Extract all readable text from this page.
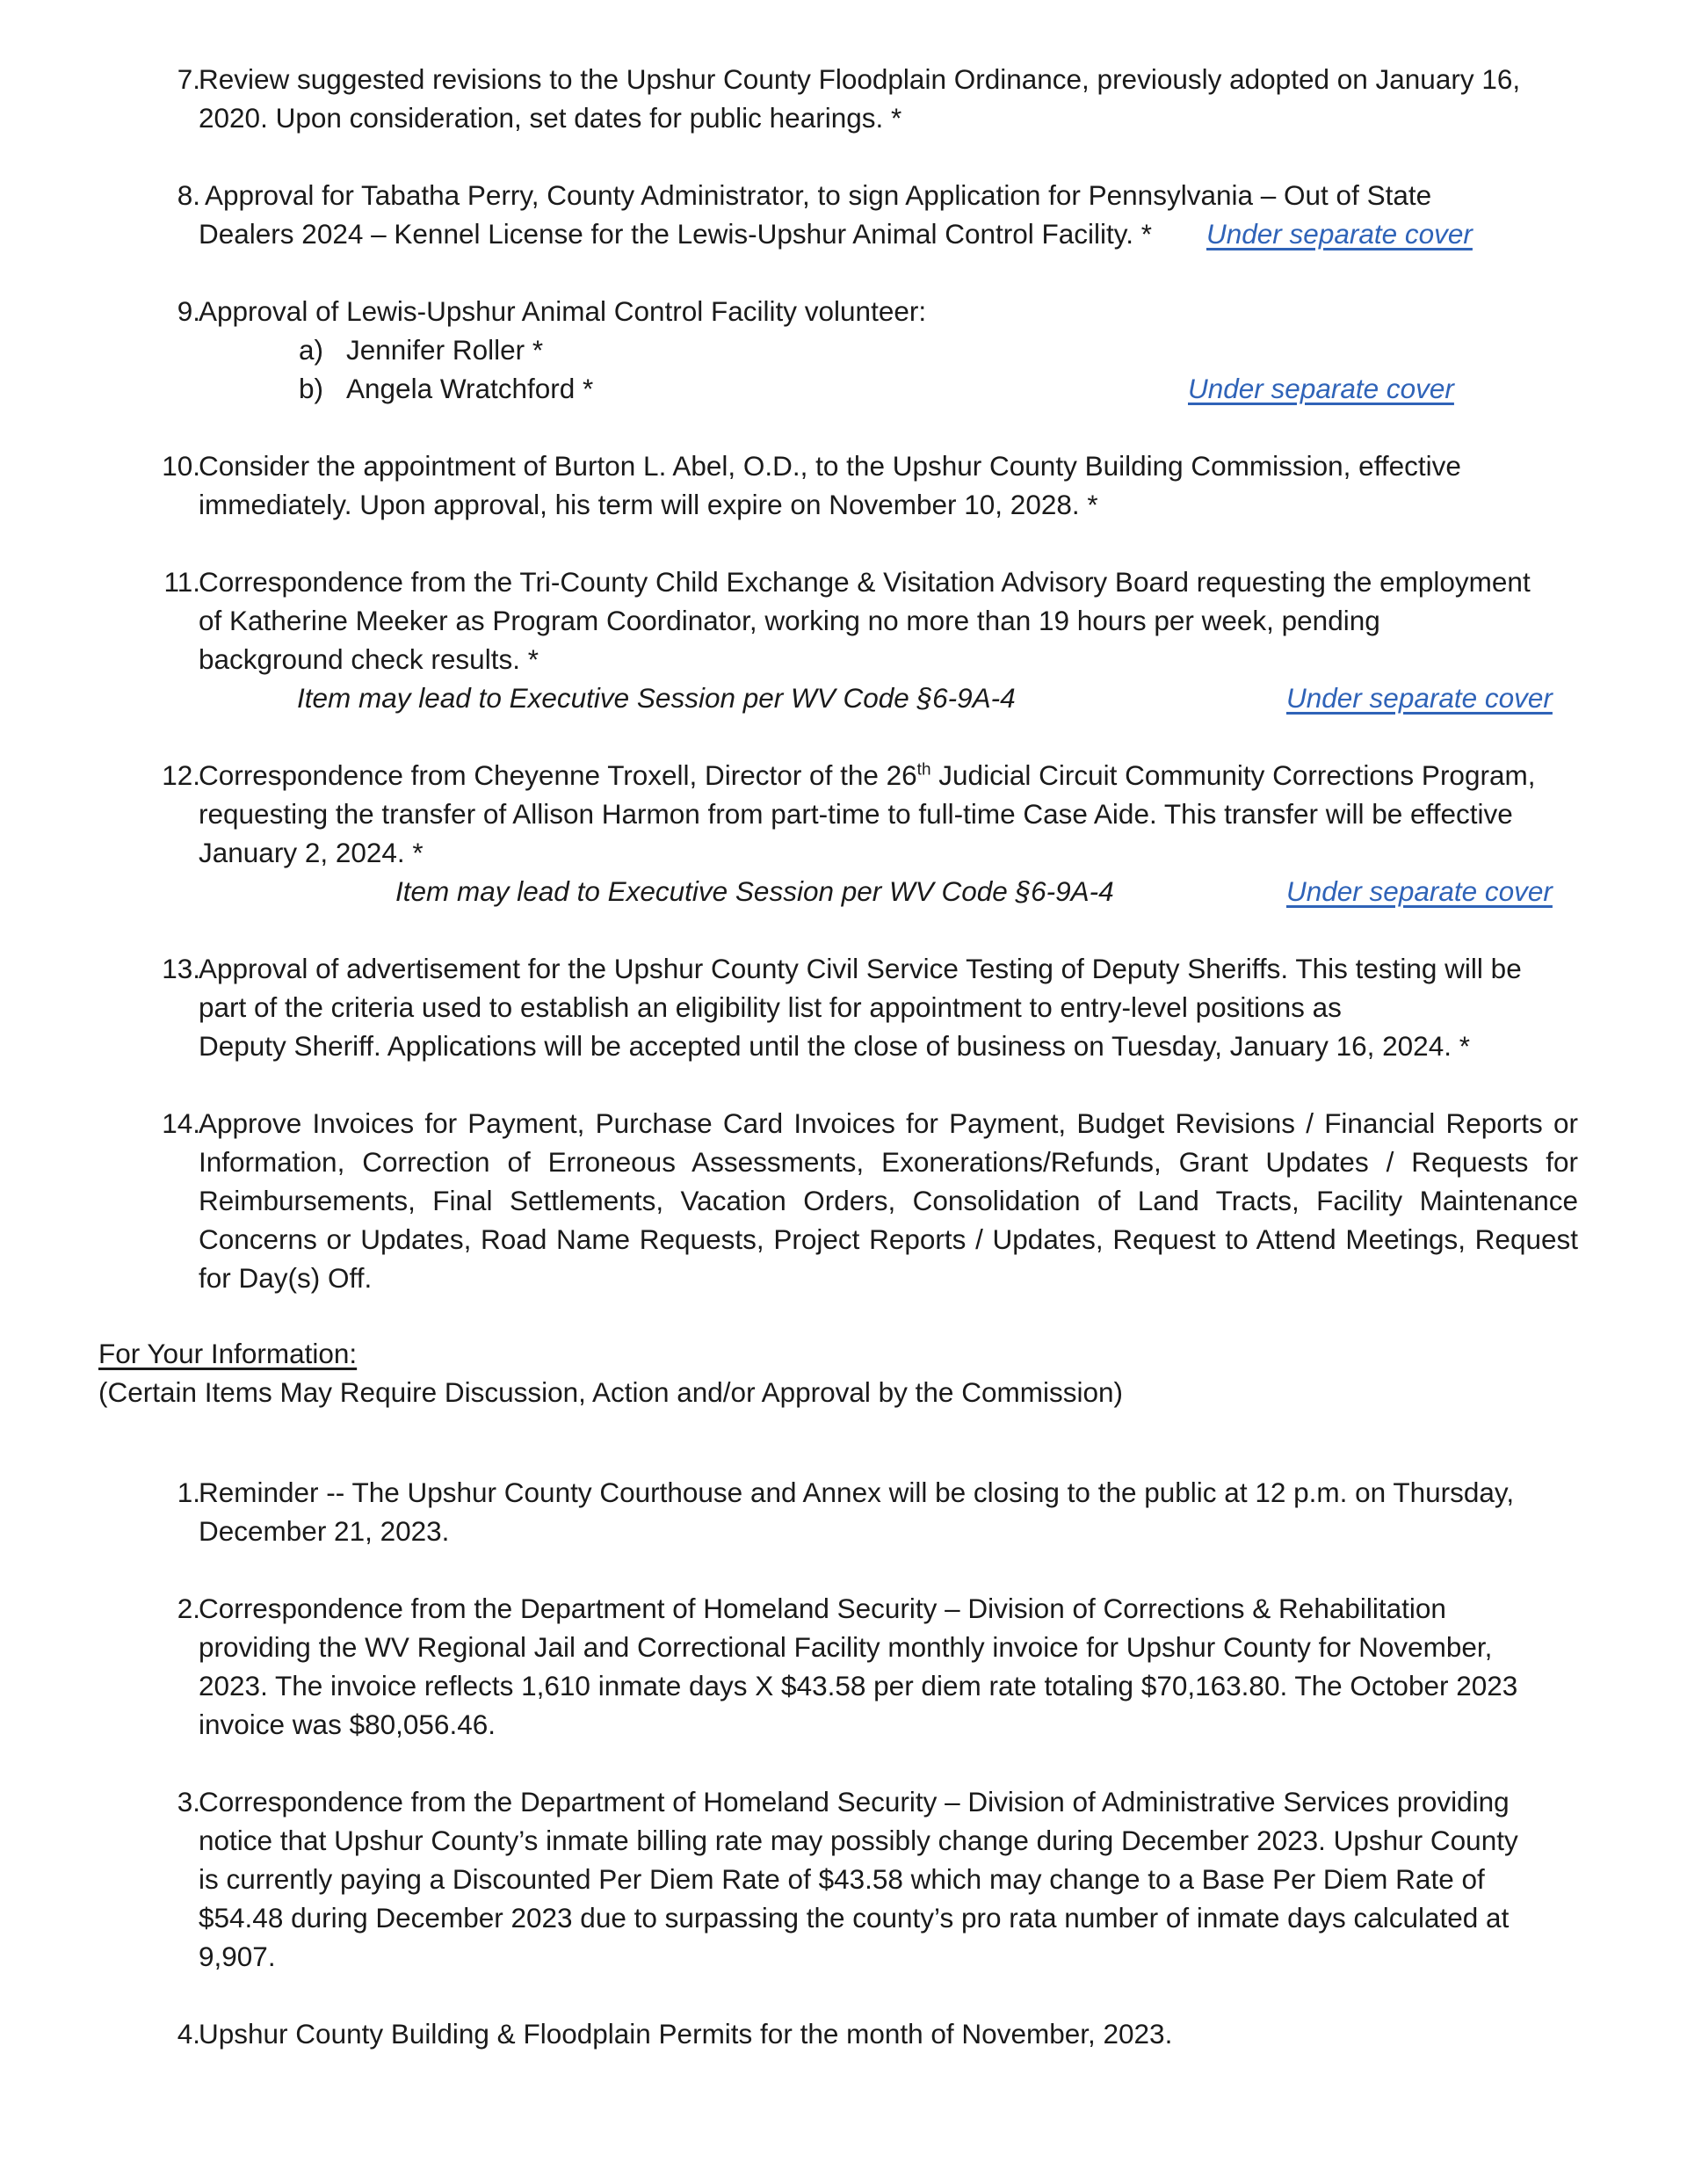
7.
Review suggested revisions to the Upshur County Floodplain Ordinance, previously adopted on January 16,
2020. Upon consideration, set dates for public hearings. *
8.
Approval for Tabatha Perry, County Administrator, to sign Application for Pennsylvania – Out of State
Dealers 2024 – Kennel License for the Lewis-Upshur Animal Control Facility. *	Under separate cover
9.
Approval of Lewis-Upshur Animal Control Facility volunteer:
a) Jennifer Roller *
b) Angela Wratchford *	Under separate cover
10.
Consider the appointment of Burton L. Abel, O.D., to the Upshur County Building Commission, effective
immediately. Upon approval, his term will expire on November 10, 2028. *
11.
Correspondence from the Tri-County Child Exchange & Visitation Advisory Board requesting the employment
of Katherine Meeker as Program Coordinator, working no more than 19 hours per week, pending
background check results. *
Item may lead to Executive Session per WV Code §6-9A-4	Under separate cover
12.
Correspondence from Cheyenne Troxell, Director of the 26th Judicial Circuit Community Corrections Program,
requesting the transfer of Allison Harmon from part-time to full-time Case Aide. This transfer will be effective
January 2, 2024. *
Item may lead to Executive Session per WV Code §6-9A-4	Under separate cover
13.
Approval of advertisement for the Upshur County Civil Service Testing of Deputy Sheriffs. This testing will be
part of the criteria used to establish an eligibility list for appointment to entry-level positions as
Deputy Sheriff. Applications will be accepted until the close of business on Tuesday, January 16, 2024. *
14.
Approve Invoices for Payment, Purchase Card Invoices for Payment, Budget Revisions / Financial Reports or Information, Correction of Erroneous Assessments, Exonerations/Refunds, Grant Updates / Requests for Reimbursements, Final Settlements, Vacation Orders, Consolidation of Land Tracts, Facility Maintenance Concerns or Updates, Road Name Requests, Project Reports / Updates, Request to Attend Meetings, Request for Day(s) Off.
For Your Information:
(Certain Items May Require Discussion, Action and/or Approval by the Commission)
1.
Reminder -- The Upshur County Courthouse and Annex will be closing to the public at 12 p.m. on Thursday,
December 21, 2023.
2.
Correspondence from the Department of Homeland Security – Division of Corrections & Rehabilitation
providing the WV Regional Jail and Correctional Facility monthly invoice for Upshur County for November,
2023. The invoice reflects 1,610 inmate days X $43.58 per diem rate totaling $70,163.80. The October 2023
invoice was $80,056.46.
3.
Correspondence from the Department of Homeland Security – Division of Administrative Services providing
notice that Upshur County’s inmate billing rate may possibly change during December 2023. Upshur County
is currently paying a Discounted Per Diem Rate of $43.58 which may change to a Base Per Diem Rate of
$54.48 during December 2023 due to surpassing the county’s pro rata number of inmate days calculated at
9,907.
4.
Upshur County Building & Floodplain Permits for the month of November, 2023.
